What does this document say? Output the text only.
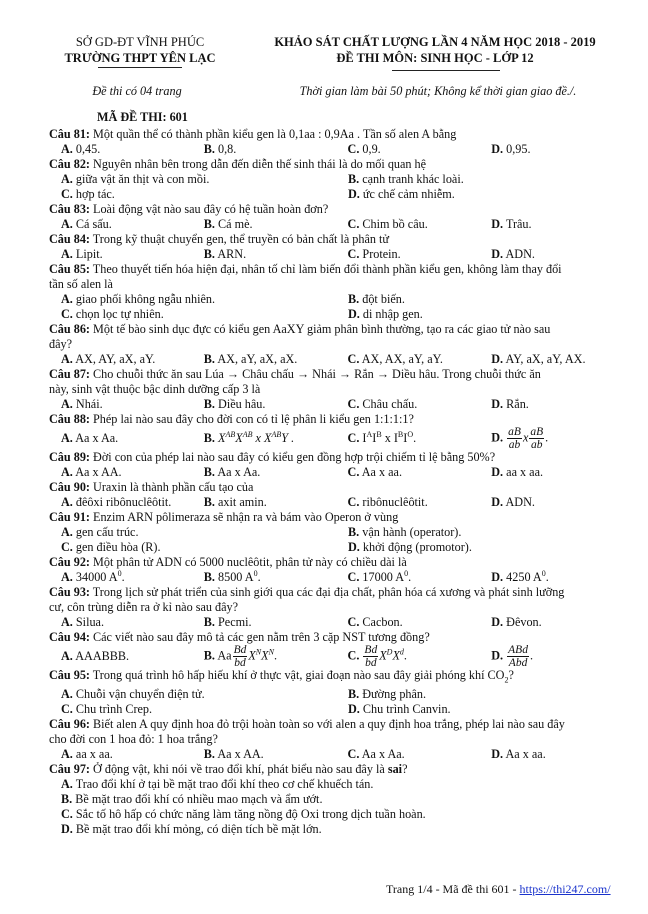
SỞ GD-ĐT VĨNH PHÚC
TRƯỜNG THPT YÊN LẠC
KHẢO SÁT CHẤT LƯỢNG LẦN 4 NĂM HỌC 2018 - 2019
ĐỀ THI MÔN: SINH HỌC - LỚP 12
Đề thi có 04 trang	Thời gian làm bài 50 phút; Không kể thời gian giao đề./.
MÃ ĐỀ THI: 601
Câu 81: Một quần thể có thành phần kiểu gen là 0,1aa : 0,9Aa . Tần số alen A bằng
A. 0,45.	B. 0,8.	C. 0,9.	D. 0,95.
Câu 82: Nguyên nhân bên trong dẫn đến diễn thế sinh thái là do mối quan hệ
A. giữa vật ăn thịt và con mồi.	B. cạnh tranh khác loài.
C. hợp tác.	D. ức chế cảm nhiễm.
Câu 83: Loài động vật nào sau đây có hệ tuần hoàn đơn?
A. Cá sấu.	B. Cá mè.	C. Chim bồ câu.	D. Trâu.
Câu 84: Trong kỹ thuật chuyển gen, thể truyền có bản chất là phân tử
A. Lipit.	B. ARN.	C. Protein.	D. ADN.
Câu 85: Theo thuyết tiến hóa hiện đại, nhân tố chỉ làm biến đổi thành phần kiểu gen, không làm thay đổi
tần số alen là
A. giao phối không ngẫu nhiên.	B. đột biến.
C. chọn lọc tự nhiên.	D. di nhập gen.
Câu 86: Một tế bào sinh dục đực có kiểu gen AaXY giảm phân bình thường, tạo ra các giao tử nào sau
đây?
A. AX, AY, aX, aY.	B. AX, aY, aX, aX.	C. AX, AX, aY, aY.	D. AY, aX, aY, AX.
Câu 87: Cho chuỗi thức ăn sau Lúa → Châu chấu → Nhái → Rắn → Diều hâu. Trong chuỗi thức ăn
này, sinh vật thuộc bậc dinh dưỡng cấp 3 là
A. Nhái.	B. Diều hâu.	C. Châu chấu.	D. Rắn.
Câu 88: Phép lai nào sau đây cho đời con có tỉ lệ phân li kiểu gen 1:1:1:1?
A. Aa x Aa.	B. $X^{AB}X^{AB}$ x $X^{AB}Y$ .	C. $I^AI^B$ x $I^BI^O$.	D. $\frac{aB}{ab}$ x $\frac{aB}{ab}$ .
Câu 89: Đời con của phép lai nào sau đây có kiểu gen đồng hợp trội chiếm tỉ lệ bằng 50%?
A. Aa x AA.	B. Aa x Aa.	C. Aa x aa.	D. aa x aa.
Câu 90: Uraxin là thành phần cấu tạo của
A. đêôxi ribônuclêôtit.	B. axit amin.	C. ribônuclêôtit.	D. ADN.
Câu 91: Enzim ARN pôlimeraza sẽ nhận ra và bám vào Operon ở vùng
A. gen cấu trúc.	B. vận hành (operator).
C. gen điều hòa (R).	D. khởi động (promotor).
Câu 92: Một phân tử ADN có 5000 nuclêôtit, phân tử này có chiều dài là
A. 34000 $A^0$.	B. 8500 $A^0$.	C. 17000 $A^0$.	D. 4250 $A^0$.
Câu 93: Trong lịch sử phát triển của sinh giới qua các đại địa chất, phân hóa cá xương và phát sinh lưỡng
cư, côn trùng diễn ra ở kỉ nào sau đây?
A. Silua.	B. Pecmi.	C. Cacbon.	D. Đêvon.
Câu 94: Các viết nào sau đây mô tả các gen nằm trên 3 cặp NST tương đồng?
A. AAABBB.	B. Aa $\frac{Bd}{bd} X^NX^N$.	C. $\frac{Bd}{bd} X^DX^d$.	D. $\frac{\text{ABd}}{\text{Abd}}$ .
Câu 95: Trong quá trình hô hấp hiếu khí ở thực vật, giai đoạn nào sau đây giải phóng khí $CO_2$?
A. Chuỗi vận chuyển điện tử.	B. Đường phân.
C. Chu trình Crep.	D. Chu trình Canvin.
Câu 96: Biết alen A quy định hoa đỏ trội hoàn toàn so với alen a quy định hoa trắng, phép lai nào sau đây
cho đời con 1 hoa đỏ: 1 hoa trắng?
A. aa x aa.	B. Aa x AA.	C. Aa x Aa.	D. Aa x aa.
Câu 97: Ở động vật, khi nói về trao đổi khí, phát biểu nào sau đây là sai?
A. Trao đổi khí ở tại bề mặt trao đổi khí theo cơ chế khuếch tán.
B. Bề mặt trao đổi khí có nhiều mao mạch và ẩm ướt.
C. Sắc tố hô hấp có chức năng làm tăng nồng độ Oxi trong dịch tuần hoàn.
D. Bề mặt trao đổi khí mỏng, có diện tích bề mặt lớn.
Trang 1/4 - Mã đề thi 601 - https://thi247.com/
